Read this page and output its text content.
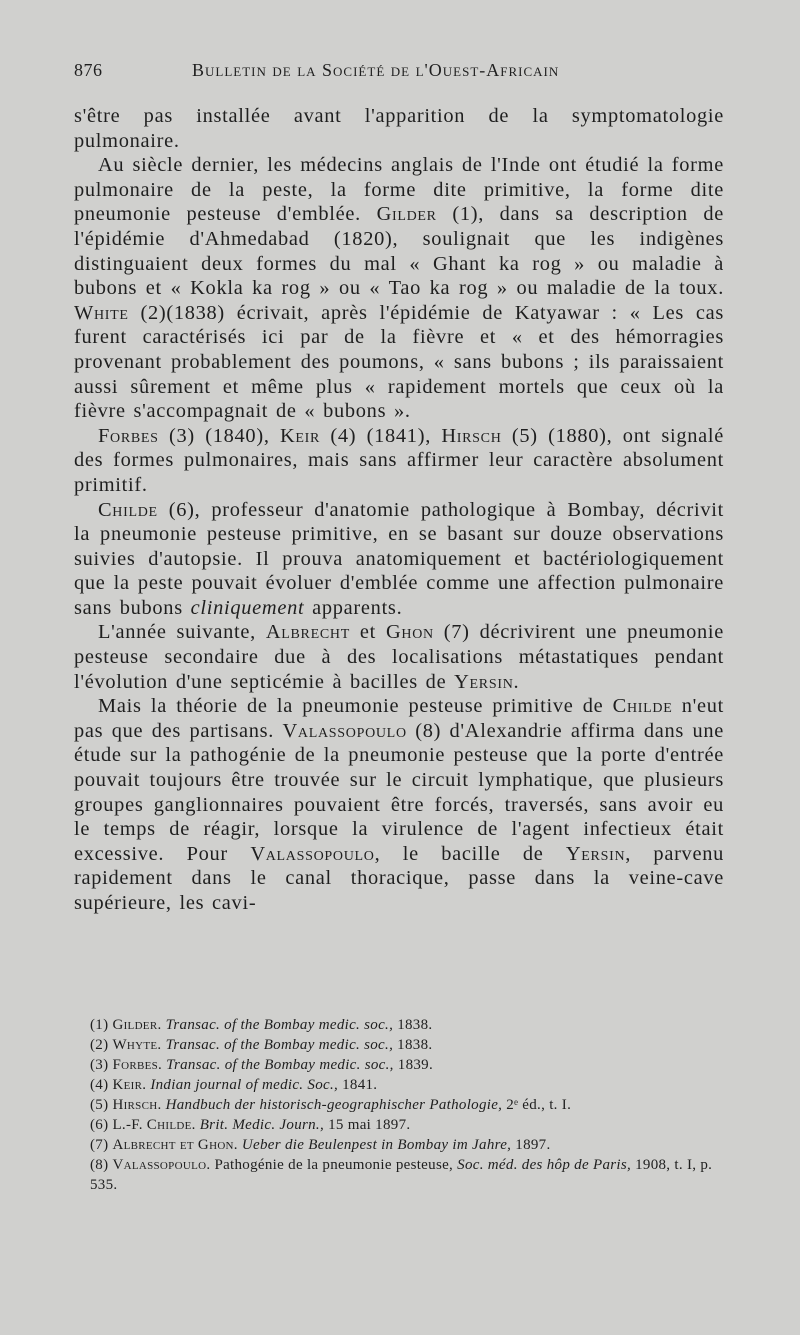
876	Bulletin de la Société de l'Ouest-Africain

s'être pas installée avant l'apparition de la symptomatologie pulmonaire.

Au siècle dernier, les médecins anglais de l'Inde ont étudié la forme pulmonaire de la peste, la forme dite primitive, la forme dite pneumonie pesteuse d'emblée. Gilder (1), dans sa description de l'épidémie d'Ahmedabad (1820), soulignait que les indigènes distinguaient deux formes du mal « Ghant ka rog » ou maladie à bubons et « Kokla ka rog » ou « Tao ka rog » ou maladie de la toux. White (2)(1838) écrivait, après l'épidémie de Katyawar : « Les cas furent caractérisés ici par de la fièvre et « et des hémorragies provenant probablement des poumons, « sans bubons ; ils paraissaient aussi sûrement et même plus « rapidement mortels que ceux où la fièvre s'accompagnait de « bubons ».

Forbes (3) (1840), Keir (4) (1841), Hirsch (5) (1880), ont signalé des formes pulmonaires, mais sans affirmer leur caractère absolument primitif.

Childe (6), professeur d'anatomie pathologique à Bombay, décrivit la pneumonie pesteuse primitive, en se basant sur douze observations suivies d'autopsie. Il prouva anatomiquement et bactériologiquement que la peste pouvait évoluer d'emblée comme une affection pulmonaire sans bubons cliniquement apparents.

L'année suivante, Albrecht et Ghon (7) décrivirent une pneumonie pesteuse secondaire due à des localisations métastatiques pendant l'évolution d'une septicémie à bacilles de Yersin.

Mais la théorie de la pneumonie pesteuse primitive de Childe n'eut pas que des partisans. Valassopoulo (8) d'Alexandrie affirma dans une étude sur la pathogénie de la pneumonie pesteuse que la porte d'entrée pouvait toujours être trouvée sur le circuit lymphatique, que plusieurs groupes ganglionnaires pouvaient être forcés, traversés, sans avoir eu le temps de réagir, lorsque la virulence de l'agent infectieux était excessive. Pour Valassopoulo, le bacille de Yersin, parvenu rapidement dans le canal thoracique, passe dans la veine-cave supérieure, les cavi-

(1) Gilder. Transac. of the Bombay medic. soc., 1838.

(2) Whyte. Transac. of the Bombay medic. soc., 1838.

(3) Forbes. Transac. of the Bombay medic. soc., 1839.

(4) Keir. Indian journal of medic. Soc., 1841.

(5) Hirsch. Handbuch der historisch-geographischer Pathologie, 2ᵉ éd., t. I.

(6) L.-F. Childe. Brit. Medic. Journ., 15 mai 1897.

(7) Albrecht et Ghon. Ueber die Beulenpest in Bombay im Jahre, 1897.

(8) Valassopoulo. Pathogénie de la pneumonie pesteuse, Soc. méd. des hôp de Paris, 1908, t. I, p. 535.
